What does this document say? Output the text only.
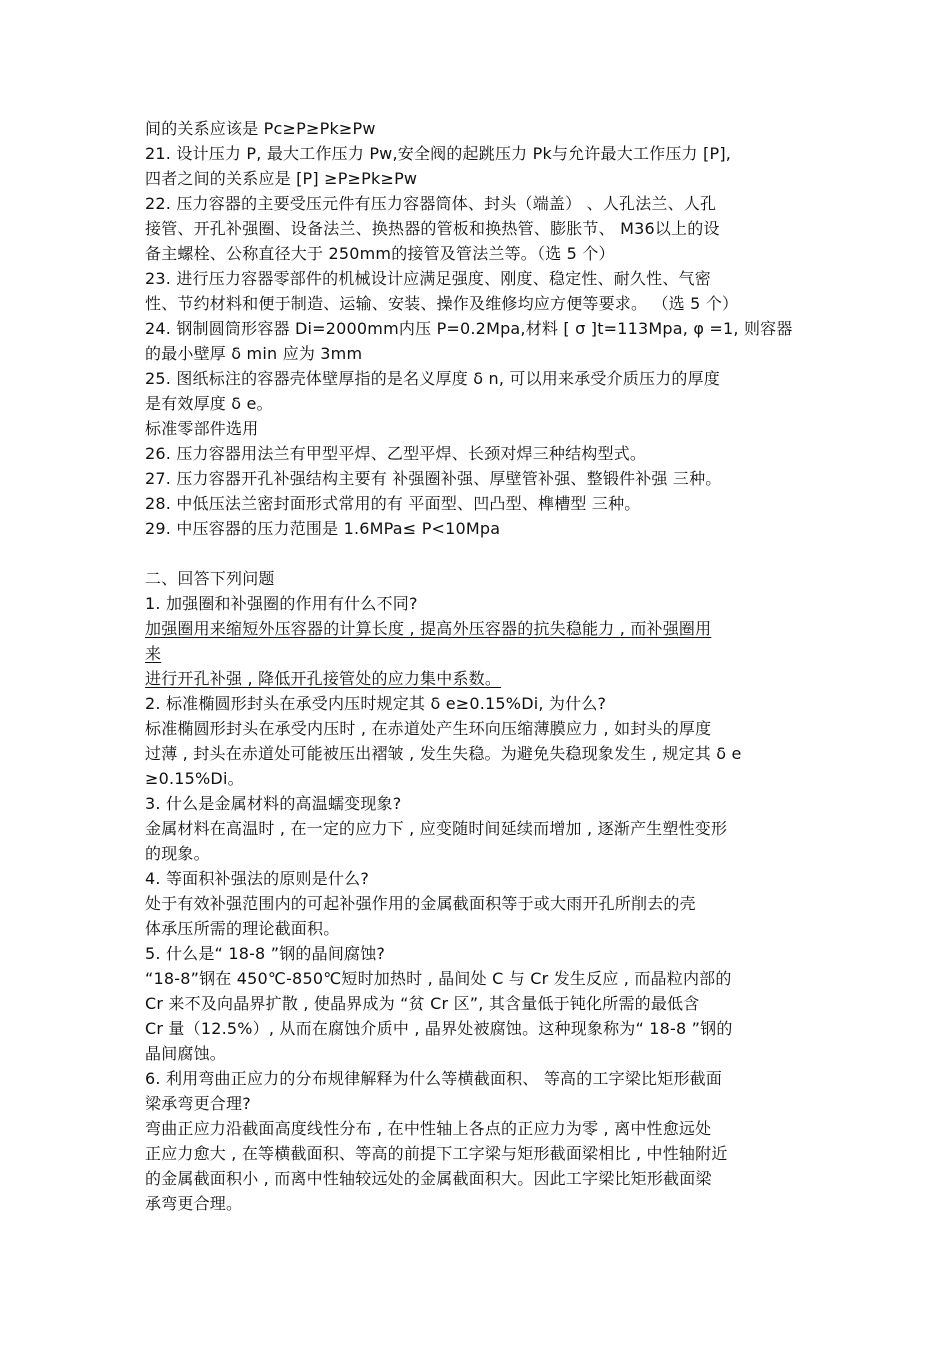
间的关系应该是 Pc≥P≥Pk≥Pw
21. 设计压力 P, 最大工作压力 Pw,安全阀的起跳压力 Pk与允许最大工作压力 [P],
四者之间的关系应是 [P] ≥P≥Pk≥Pw
22. 压力容器的主要受压元件有压力容器筒体、封头（端盖） 、人孔法兰、人孔
接管、开孔补强圈、设备法兰、换热器的管板和换热管、膨胀节、 M36以上的设
备主螺栓、公称直径大于 250mm的接管及管法兰等。（选 5 个）
23. 进行压力容器零部件的机械设计应满足强度、刚度、稳定性、耐久性、气密
性、节约材料和便于制造、运输、安装、操作及维修均应方便等要求。 （选 5 个）
24. 钢制圆筒形容器 Di=2000mm内压 P=0.2Mpa,材料 [ σ ]t=113Mpa, φ =1, 则容器
的最小壁厚 δ min 应为 3mm
25. 图纸标注的容器壳体壁厚指的是名义厚度 δ n, 可以用来承受介质压力的厚度
是有效厚度 δ e。
标准零部件选用
26. 压力容器用法兰有甲型平焊、乙型平焊、长颈对焊三种结构型式。
27. 压力容器开孔补强结构主要有 补强圈补强、厚壁管补强、整锻件补强 三种。
28. 中低压法兰密封面形式常用的有 平面型、凹凸型、榫槽型 三种。
29. 中压容器的压力范围是 1.6MPa≤ P<10Mpa
二、回答下列问题
1. 加强圈和补强圈的作用有什么不同?
加强圈用来缩短外压容器的计算长度 , 提高外压容器的抗失稳能力 , 而补强圈用
来
进行开孔补强 , 降低开孔接管处的应力集中系数。
2. 标准椭圆形封头在承受内压时规定其 δ e≥0.15%Di, 为什么?
标准椭圆形封头在承受内压时 , 在赤道处产生环向压缩薄膜应力 , 如封头的厚度
过薄 , 封头在赤道处可能被压出褶皱 , 发生失稳。为避免失稳现象发生 , 规定其 δ e
≥0.15%Di。
3. 什么是金属材料的高温蠕变现象?
金属材料在高温时 , 在一定的应力下 , 应变随时间延续而增加 , 逐渐产生塑性变形
的现象。
4. 等面积补强法的原则是什么?
处于有效补强范围内的可起补强作用的金属截面积等于或大雨开孔所削去的壳
体承压所需的理论截面积。
5. 什么是“ 18-8 ”钢的晶间腐蚀?
“18-8”钢在 450℃-850℃短时加热时 , 晶间处 C 与 Cr 发生反应 , 而晶粒内部的
Cr 来不及向晶界扩散 , 使晶界成为 “贫 Cr 区”, 其含量低于钝化所需的最低含
Cr 量（12.5%）, 从而在腐蚀介质中 , 晶界处被腐蚀。这种现象称为“ 18-8 ”钢的
晶间腐蚀。
6. 利用弯曲正应力的分布规律解释为什么等横截面积、 等高的工字梁比矩形截面
梁承弯更合理?
弯曲正应力沿截面高度线性分布 , 在中性轴上各点的正应力为零 , 离中性愈远处
正应力愈大 , 在等横截面积、等高的前提下工字梁与矩形截面梁相比 , 中性轴附近
的金属截面积小 , 而离中性轴较远处的金属截面积大。因此工字梁比矩形截面梁
承弯更合理。
